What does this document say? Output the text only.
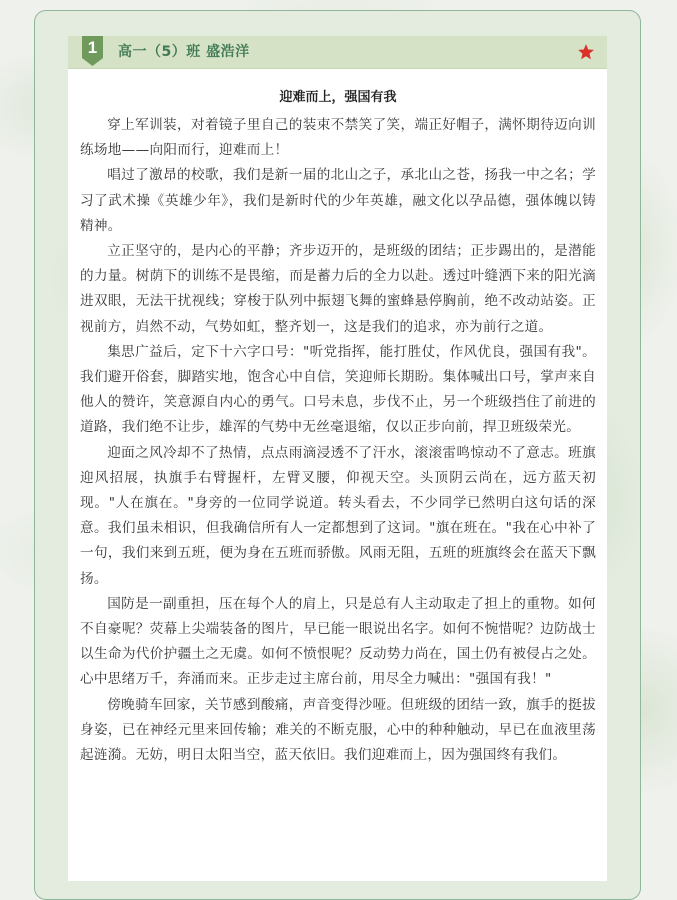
1	高一（5）班 盛浩洋
迎难而上，强国有我

穿上军训装，对着镜子里自己的装束不禁笑了笑，端正好帽子，满怀期待迈向训练场地——向阳而行，迎难而上！

唱过了激昂的校歌，我们是新一届的北山之子，承北山之苍，扬我一中之名；学习了武术操《英雄少年》，我们是新时代的少年英雄，融文化以孕品德，强体魄以铸精神。

立正坚守的，是内心的平静；齐步迈开的，是班级的团结；正步踢出的，是潜能的力量。树荫下的训练不是畏缩，而是蓄力后的全力以赴。透过叶缝洒下来的阳光滴进双眼，无法干扰视线；穿梭于队列中振翅飞舞的蜜蜂悬停胸前，绝不改动站姿。正视前方，岿然不动，气势如虹，整齐划一，这是我们的追求，亦为前行之道。

集思广益后，定下十六字口号："听党指挥，能打胜仗，作风优良，强国有我"。我们避开俗套，脚踏实地，饱含心中自信，笑迎师长期盼。集体喊出口号，掌声来自他人的赞许，笑意源自内心的勇气。口号未息，步伐不止，另一个班级挡住了前进的道路，我们绝不让步，雄浑的气势中无丝毫退缩，仅以正步向前，捍卫班级荣光。

迎面之风冷却不了热情，点点雨滴浸透不了汗水，滚滚雷鸣惊动不了意志。班旗迎风招展，执旗手右臂握杆，左臂叉腰，仰视天空。头顶阴云尚在，远方蓝天初现。"人在旗在。"身旁的一位同学说道。转头看去，不少同学已然明白这句话的深意。我们虽未相识，但我确信所有人一定都想到了这词。"旗在班在。"我在心中补了一句，我们来到五班，便为身在五班而骄傲。风雨无阻，五班的班旗终会在蓝天下飘扬。

国防是一副重担，压在每个人的肩上，只是总有人主动取走了担上的重物。如何不自豪呢？荧幕上尖端装备的图片，早已能一眼说出名字。如何不惋惜呢？边防战士以生命为代价护疆土之无虞。如何不愤恨呢？反动势力尚在，国土仍有被侵占之处。心中思绪万千，奔涌而来。正步走过主席台前，用尽全力喊出："强国有我！"

傍晚骑车回家，关节感到酸痛，声音变得沙哑。但班级的团结一致，旗手的挺拔身姿，已在神经元里来回传输；难关的不断克服，心中的种种触动，早已在血液里荡起涟漪。无妨，明日太阳当空，蓝天依旧。我们迎难而上，因为强国终有我们。
